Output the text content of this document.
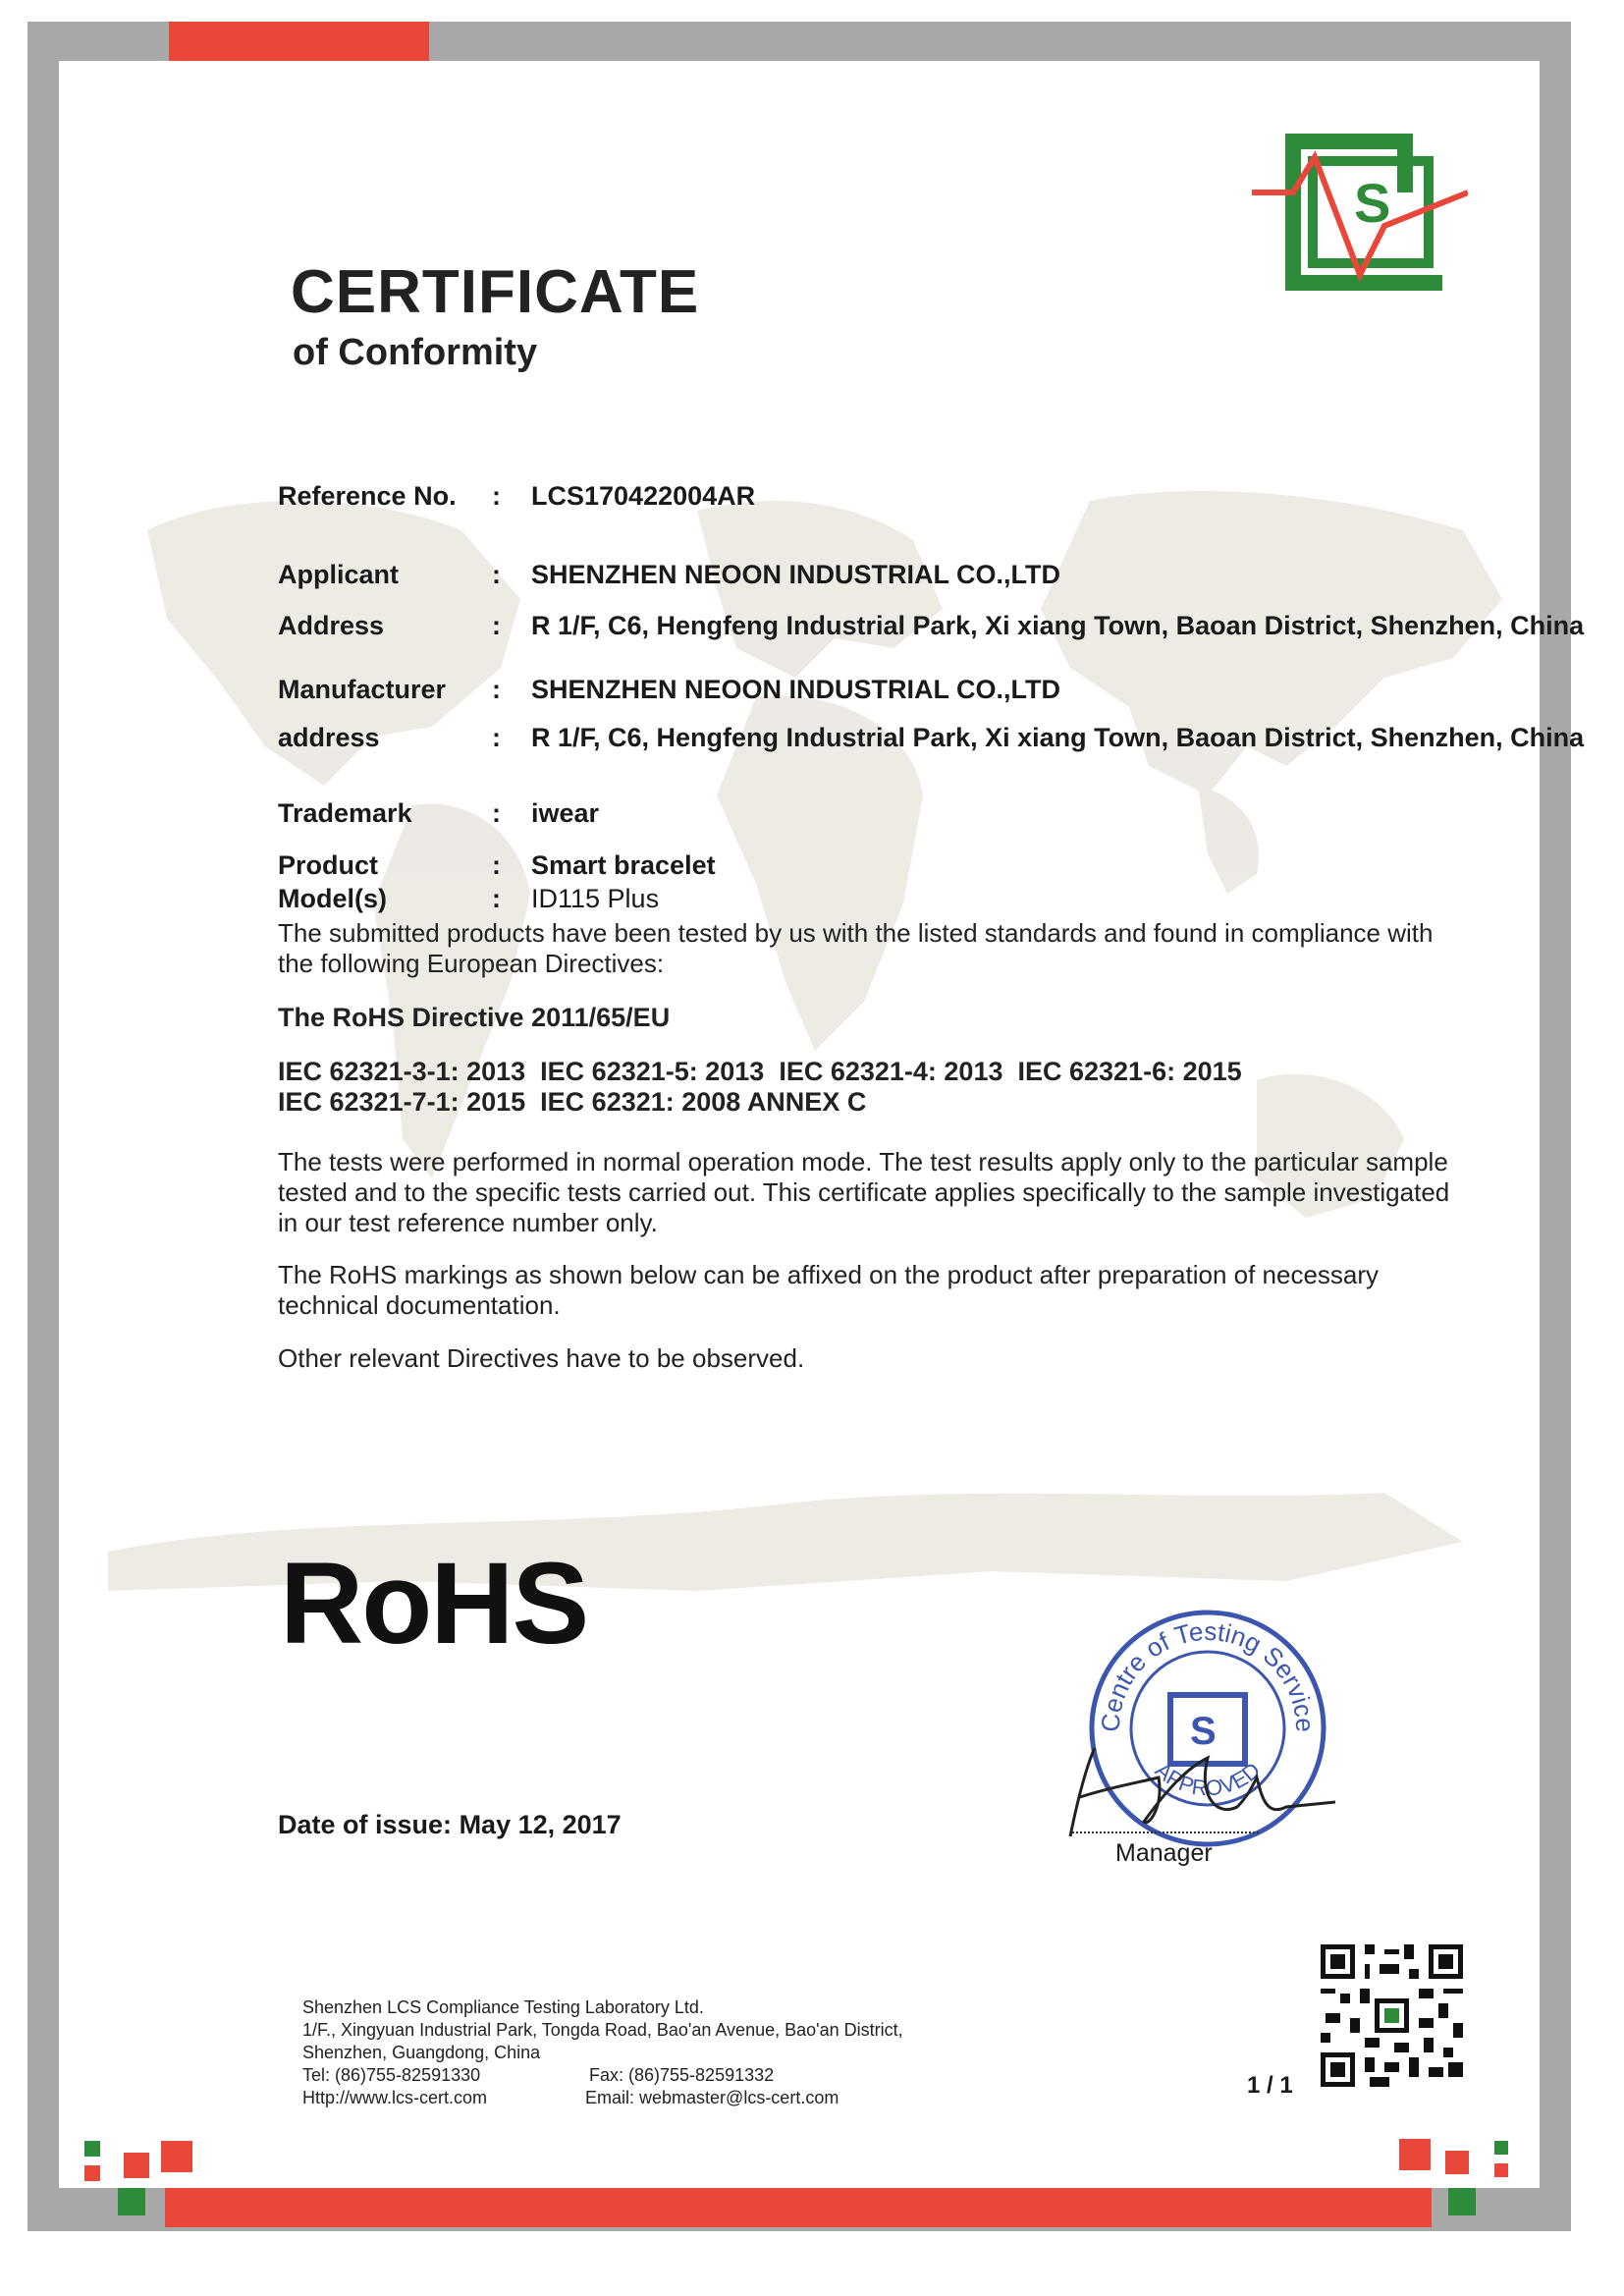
S
CERTIFICATE
of Conformity
Reference No.	: LCS170422004AR
Applicant	: SHENZHEN NEOON INDUSTRIAL CO.,LTD
Address	: R 1/F, C6, Hengfeng Industrial Park, Xi xiang Town, Baoan District, Shenzhen, China
Manufacturer	: SHENZHEN NEOON INDUSTRIAL CO.,LTD
address	: R 1/F, C6, Hengfeng Industrial Park, Xi xiang Town, Baoan District, Shenzhen, China
Trademark	: iwear
Product	: Smart bracelet
Model(s)	: ID115 Plus
The submitted products have been tested by us with the listed standards and found in compliance with the following European Directives:
The RoHS Directive 2011/65/EU
IEC 62321-3-1: 2013  IEC 62321-5: 2013  IEC 62321-4: 2013  IEC 62321-6: 2015
IEC 62321-7-1: 2015  IEC 62321: 2008 ANNEX C
The tests were performed in normal operation mode. The test results apply only to the particular sample tested and to the specific tests carried out. This certificate applies specifically to the sample investigated in our test reference number only.
The RoHS markings as shown below can be affixed on the product after preparation of necessary technical documentation.
Other relevant Directives have to be observed.
RoHS
Date of issue: May 12, 2017
Centre of Testing Service
APPROVED
S
Manager
Shenzhen LCS Compliance Testing Laboratory Ltd.
1/F., Xingyuan Industrial Park, Tongda Road, Bao'an Avenue, Bao'an District,
Shenzhen, Guangdong, China
Tel: (86)755-82591330	Fax: (86)755-82591332
Http://www.lcs-cert.com	Email: webmaster@lcs-cert.com	1 / 1
